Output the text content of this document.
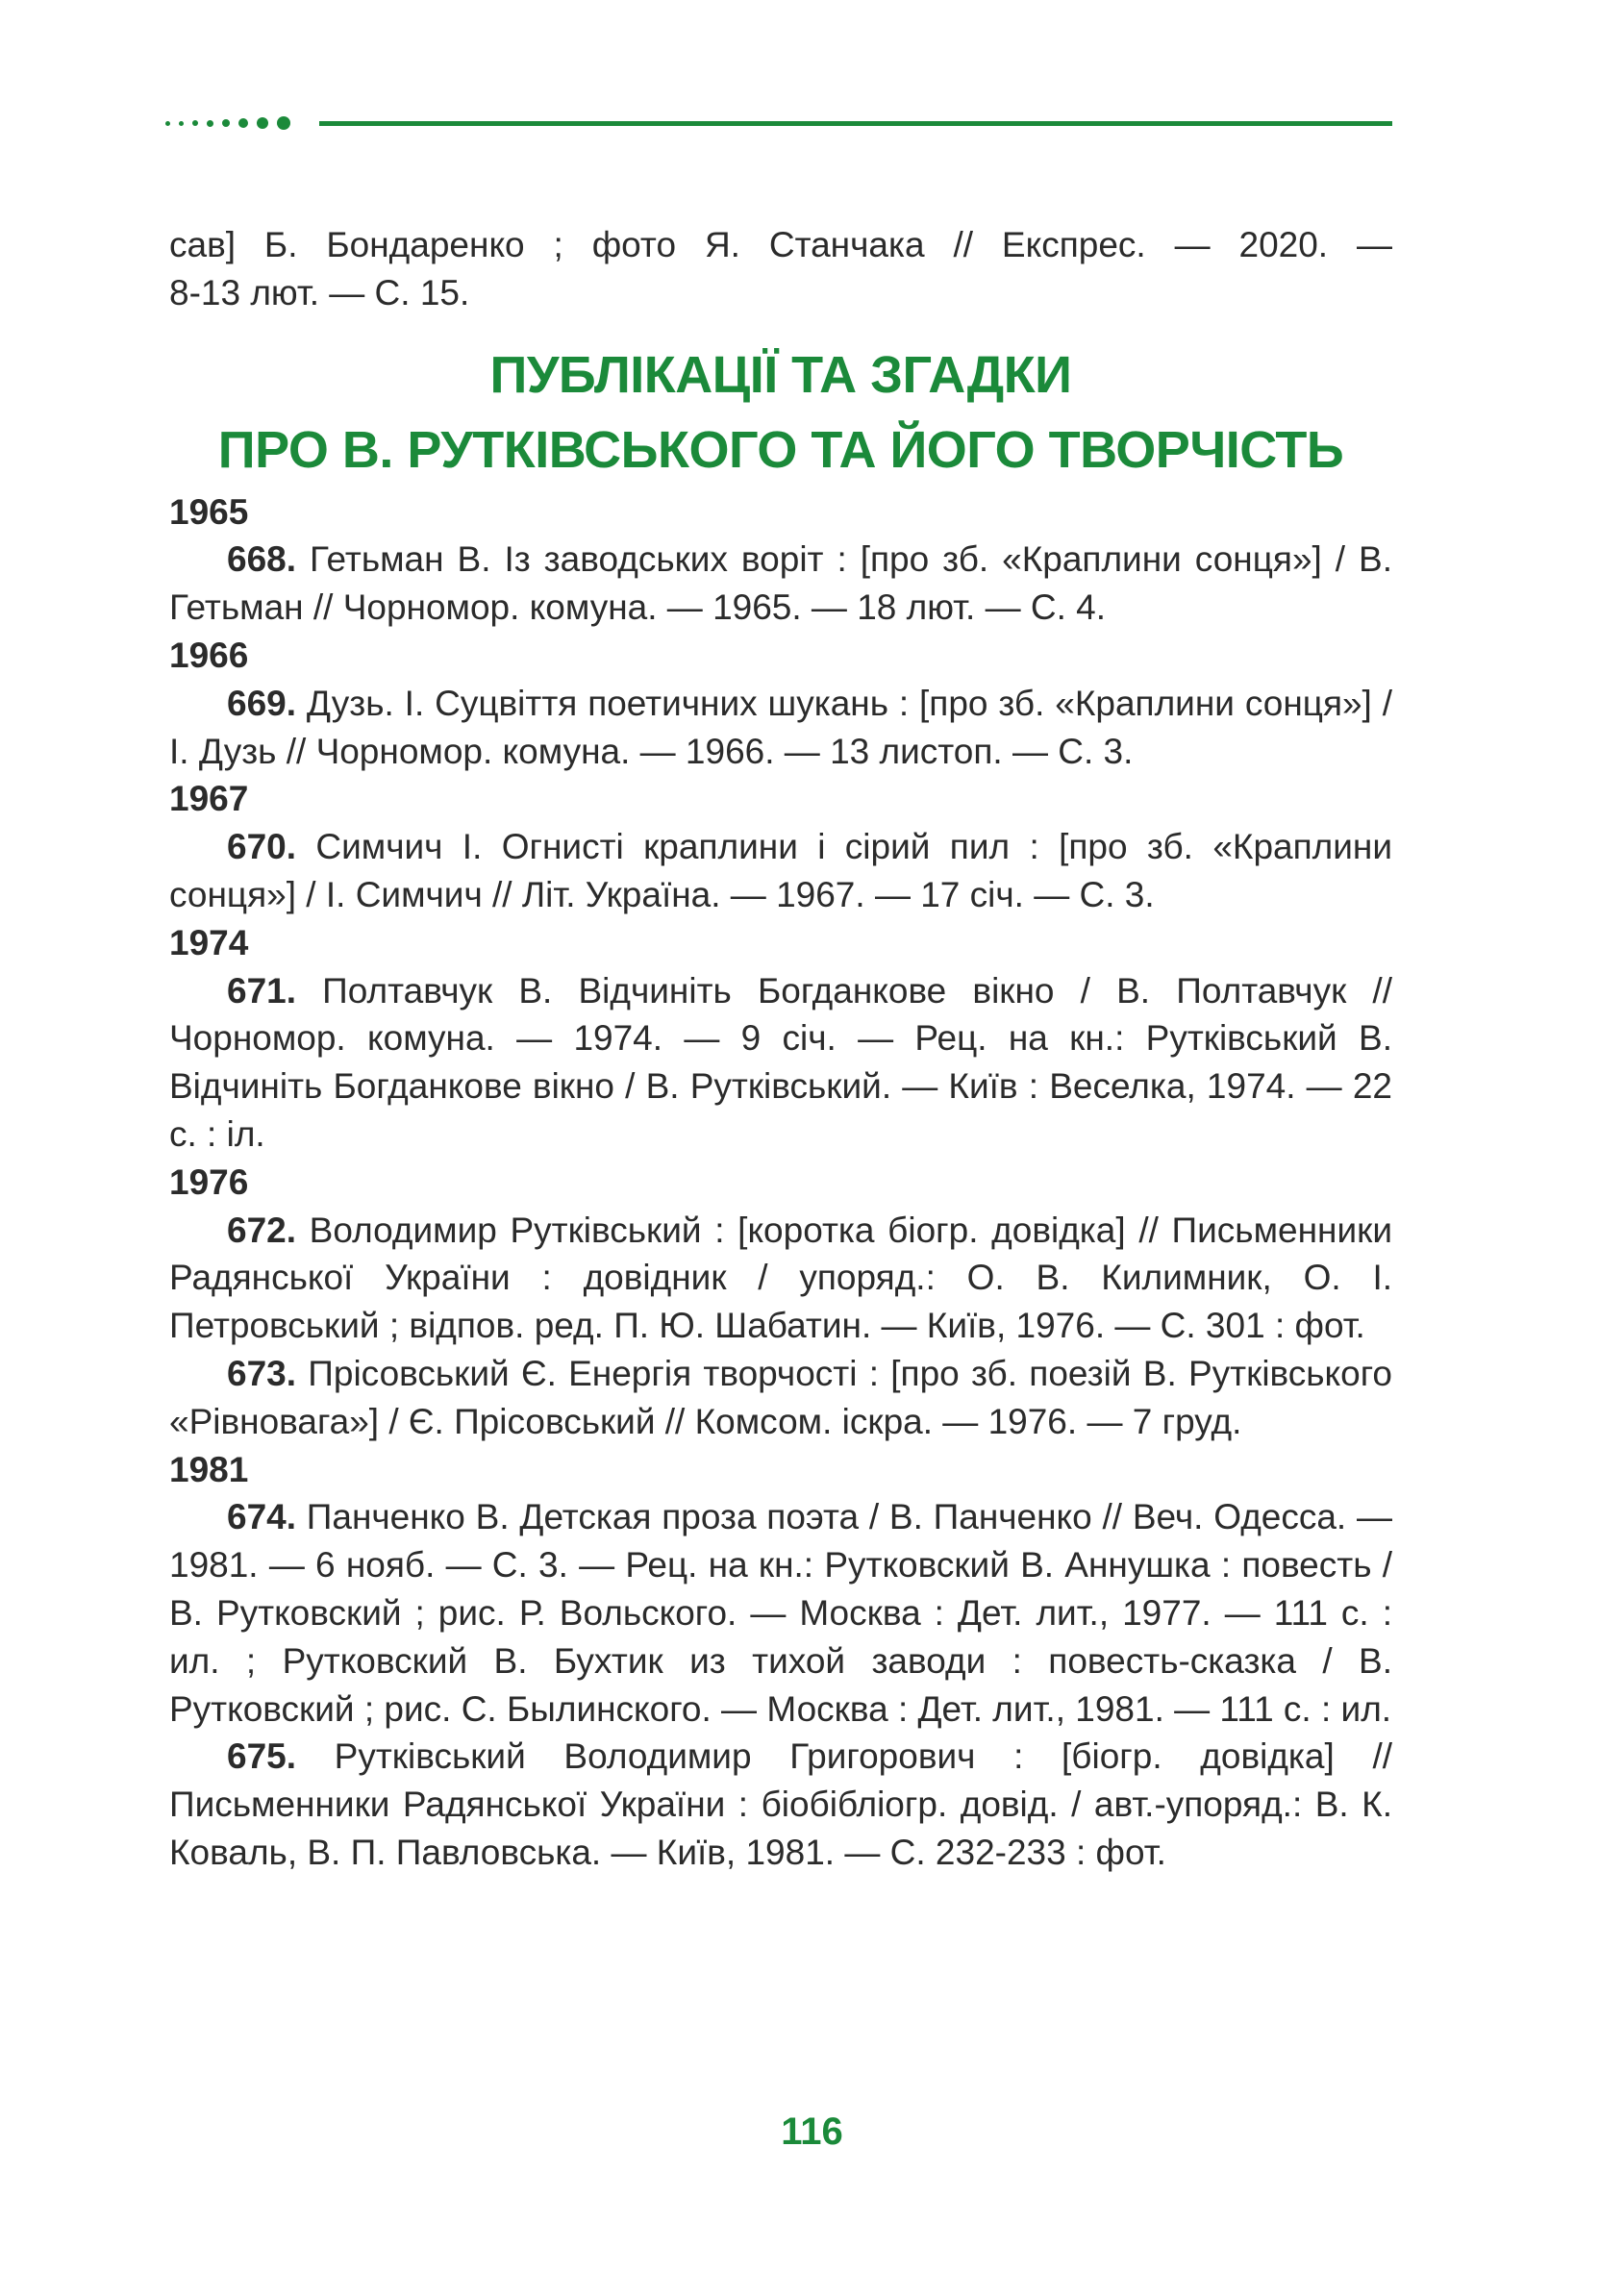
сав] Б. Бондаренко ; фото Я. Станчака // Експрес. — 2020. —

8-13 лют. — С. 15.

ПУБЛІКАЦІЇ ТА ЗГАДКИ
ПРО В. РУТКІВСЬКОГО ТА ЙОГО ТВОРЧІСТЬ

1965

668. Гетьман В. Із заводських воріт : [про зб. «Краплини сонця»] / В. Гетьман // Чорномор. комуна. — 1965. — 18 лют. — С. 4.

1966

669. Дузь. І. Суцвіття поетичних шукань : [про зб. «Краплини сонця»] / І. Дузь // Чорномор. комуна. — 1966. — 13 листоп. — С. 3.

1967

670. Симчич І. Огнисті краплини і сірий пил : [про зб. «Краплини сонця»] / І. Симчич // Літ. Україна. — 1967. — 17 січ. — С. 3.

1974

671. Полтавчук В. Відчиніть Богданкове вікно / В. Полтавчук // Чорномор. комуна. — 1974. — 9 січ. — Рец. на кн.: Рутківський В. Відчиніть Богданкове вікно / В. Рутківський. — Київ : Веселка, 1974. — 22 с. : іл.

1976

672. Володимир Рутківський : [коротка біогр. довідка] // Письменники Радянської України : довідник / упоряд.: О. В. Килимник, О. І. Петровський ; відпов. ред. П. Ю. Шабатин. — Київ, 1976. — С. 301 : фот.

673. Прісовський Є. Енергія творчості : [про зб. поезій В. Рутківського «Рівновага»] / Є. Прісовський // Комсом. іскра. — 1976. — 7 груд.

1981

674. Панченко В. Детская проза поэта / В. Панченко // Веч. Одесса. — 1981. — 6 нояб. — С. 3. — Рец. на кн.: Рутковский В. Аннушка : повесть / В. Рутковский ; рис. Р. Вольского. — Москва : Дет. лит., 1977. — 111 с. : ил. ; Рутковский В. Бухтик из тихой заводи : повесть-сказка / В. Рутковский ; рис. С. Былинского. — Москва : Дет. лит., 1981. — 111 с. : ил.

675. Рутківський Володимир Григорович : [біогр. довідка] // Письменники Радянської України : біобібліогр. довід. / авт.-упоряд.: В. К. Коваль, В. П. Павловська. — Київ, 1981. — С. 232-233 : фот.

116
